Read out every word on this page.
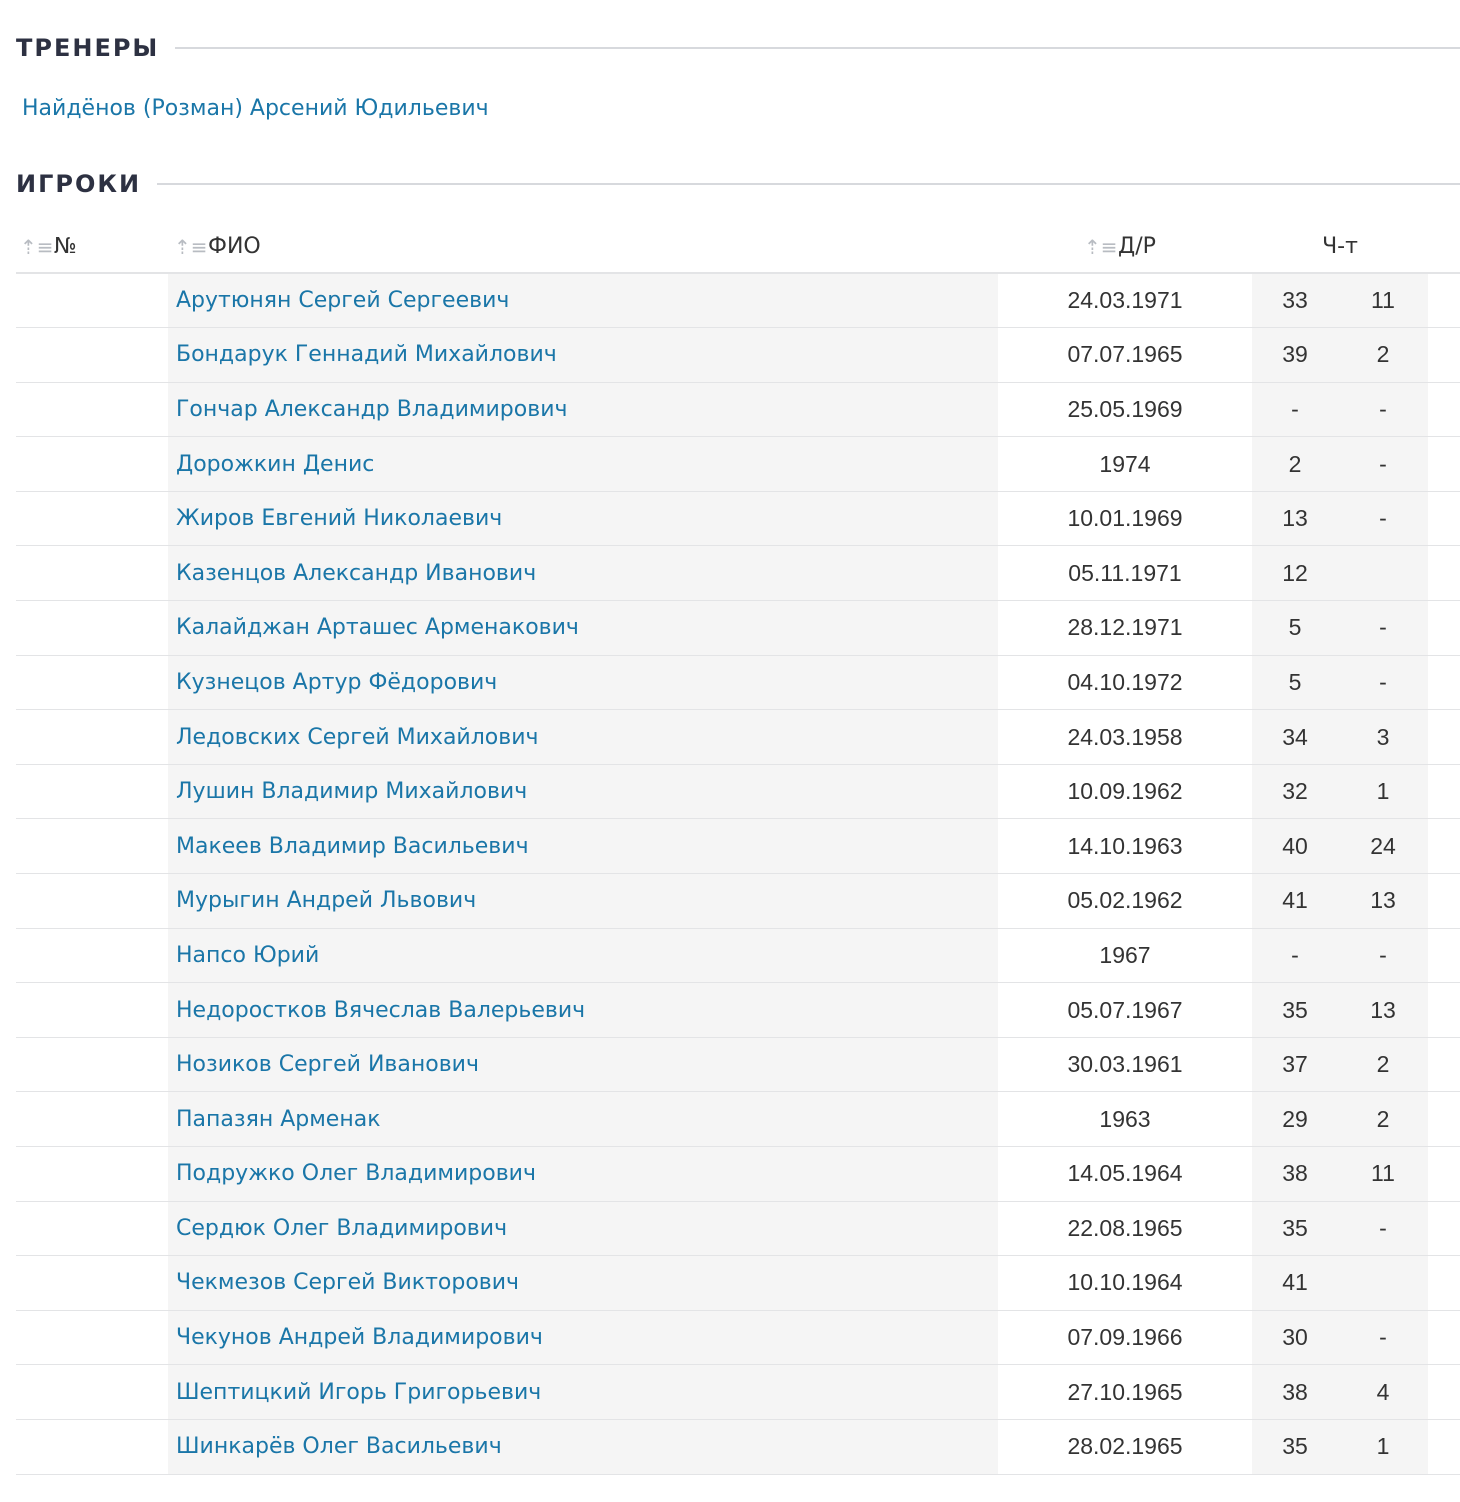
ТРЕНЕРЫ
Найдёнов (Розман) Арсений Юдильевич
ИГРОКИ
⇡≡№	⇡≡ФИО	⇡≡Д/Р	Ч-т		
	Арутюнян Сергей Сергеевич	24.03.1971	33	11	
	Бондарук Геннадий Михайлович	07.07.1965	39	2	
	Гончар Александр Владимирович	25.05.1969	-	-	
	Дорожкин Денис	1974	2	-	
	Жиров Евгений Николаевич	10.01.1969	13	-	
	Казенцов Александр Иванович	05.11.1971	12		
	Калайджан Арташес Арменакович	28.12.1971	5	-	
	Кузнецов Артур Фёдорович	04.10.1972	5	-	
	Ледовских Сергей Михайлович	24.03.1958	34	3	
	Лушин Владимир Михайлович	10.09.1962	32	1	
	Макеев Владимир Васильевич	14.10.1963	40	24	
	Мурыгин Андрей Львович	05.02.1962	41	13	
	Напсо Юрий	1967	-	-	
	Недоростков Вячеслав Валерьевич	05.07.1967	35	13	
	Нозиков Сергей Иванович	30.03.1961	37	2	
	Папазян Арменак	1963	29	2	
	Подружко Олег Владимирович	14.05.1964	38	11	
	Сердюк Олег Владимирович	22.08.1965	35	-	
	Чекмезов Сергей Викторович	10.10.1964	41		
	Чекунов Андрей Владимирович	07.09.1966	30	-	
	Шептицкий Игорь Григорьевич	27.10.1965	38	4	
	Шинкарёв Олег Васильевич	28.02.1965	35	1	
